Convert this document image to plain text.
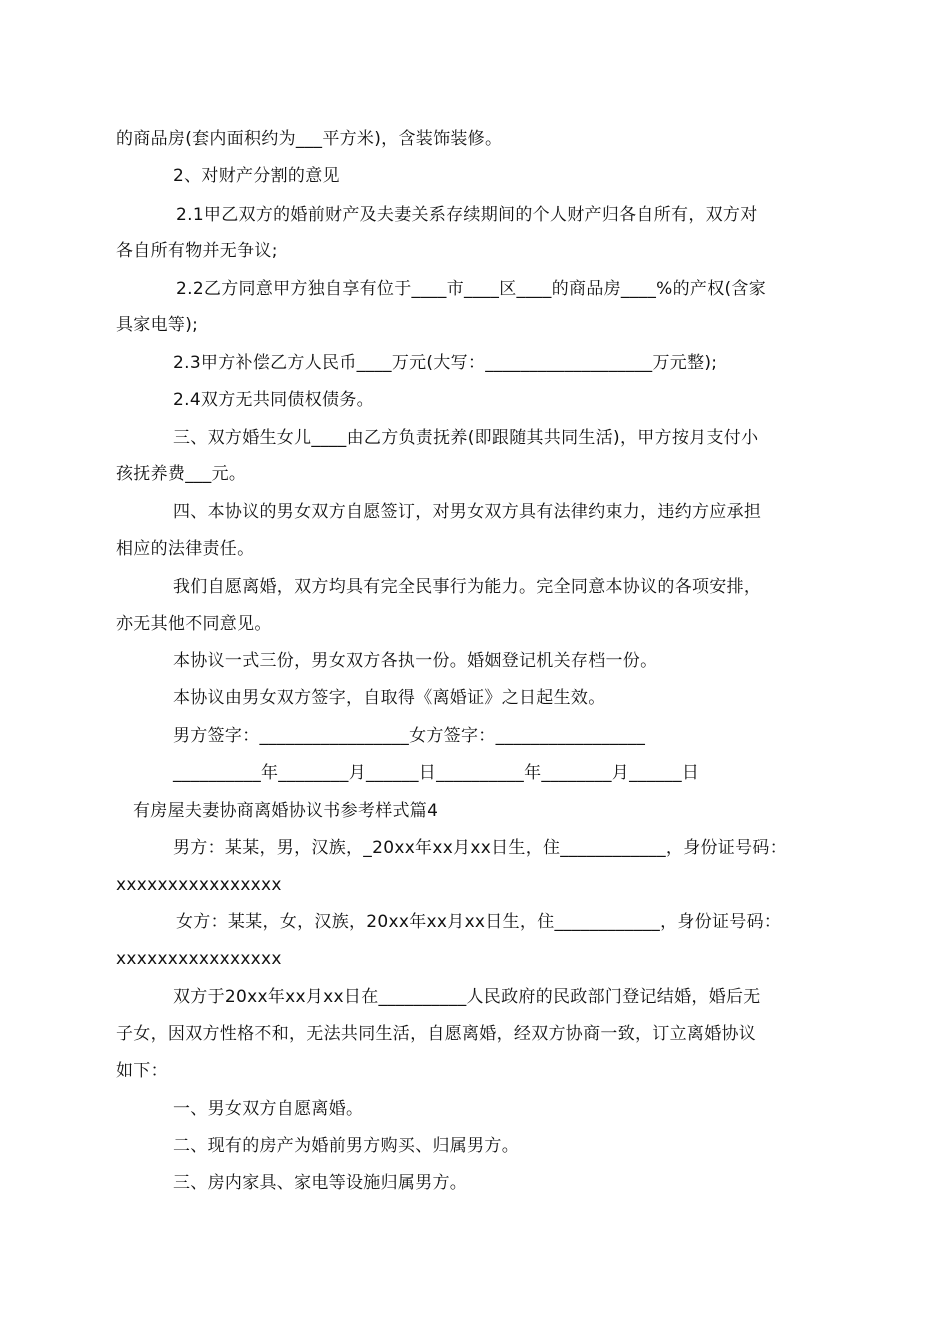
的商品房(套内面积约为___平方米)，含装饰装修。
2、对财产分割的意见
2.1甲乙双方的婚前财产及夫妻关系存续期间的个人财产归各自所有，双方对
各自所有物并无争议;
2.2乙方同意甲方独自享有位于____市____区____的商品房____%的产权(含家
具家电等);
2.3甲方补偿乙方人民币____万元(大写：___________________万元整);
2.4双方无共同债权债务。
三、双方婚生女儿____由乙方负责抚养(即跟随其共同生活)，甲方按月支付小
孩抚养费___元。
四、本协议的男女双方自愿签订，对男女双方具有法律约束力，违约方应承担
相应的法律责任。
我们自愿离婚，双方均具有完全民事行为能力。完全同意本协议的各项安排，
亦无其他不同意见。
本协议一式三份，男女双方各执一份。婚姻登记机关存档一份。
本协议由男女双方签字，自取得《离婚证》之日起生效。
男方签字：_________________女方签字：_________________
__________年________月______日__________年________月______日
有房屋夫妻协商离婚协议书参考样式篇4
男方：某某，男，汉族，_20xx年xx月xx日生，住____________，身份证号码：
xxxxxxxxxxxxxxxx
女方：某某，女，汉族，20xx年xx月xx日生，住____________，身份证号码：
xxxxxxxxxxxxxxxx
双方于20xx年xx月xx日在__________人民政府的民政部门登记结婚，婚后无
子女，因双方性格不和，无法共同生活，自愿离婚，经双方协商一致，订立离婚协议
如下：
一、男女双方自愿离婚。
二、现有的房产为婚前男方购买、归属男方。
三、房内家具、家电等设施归属男方。
